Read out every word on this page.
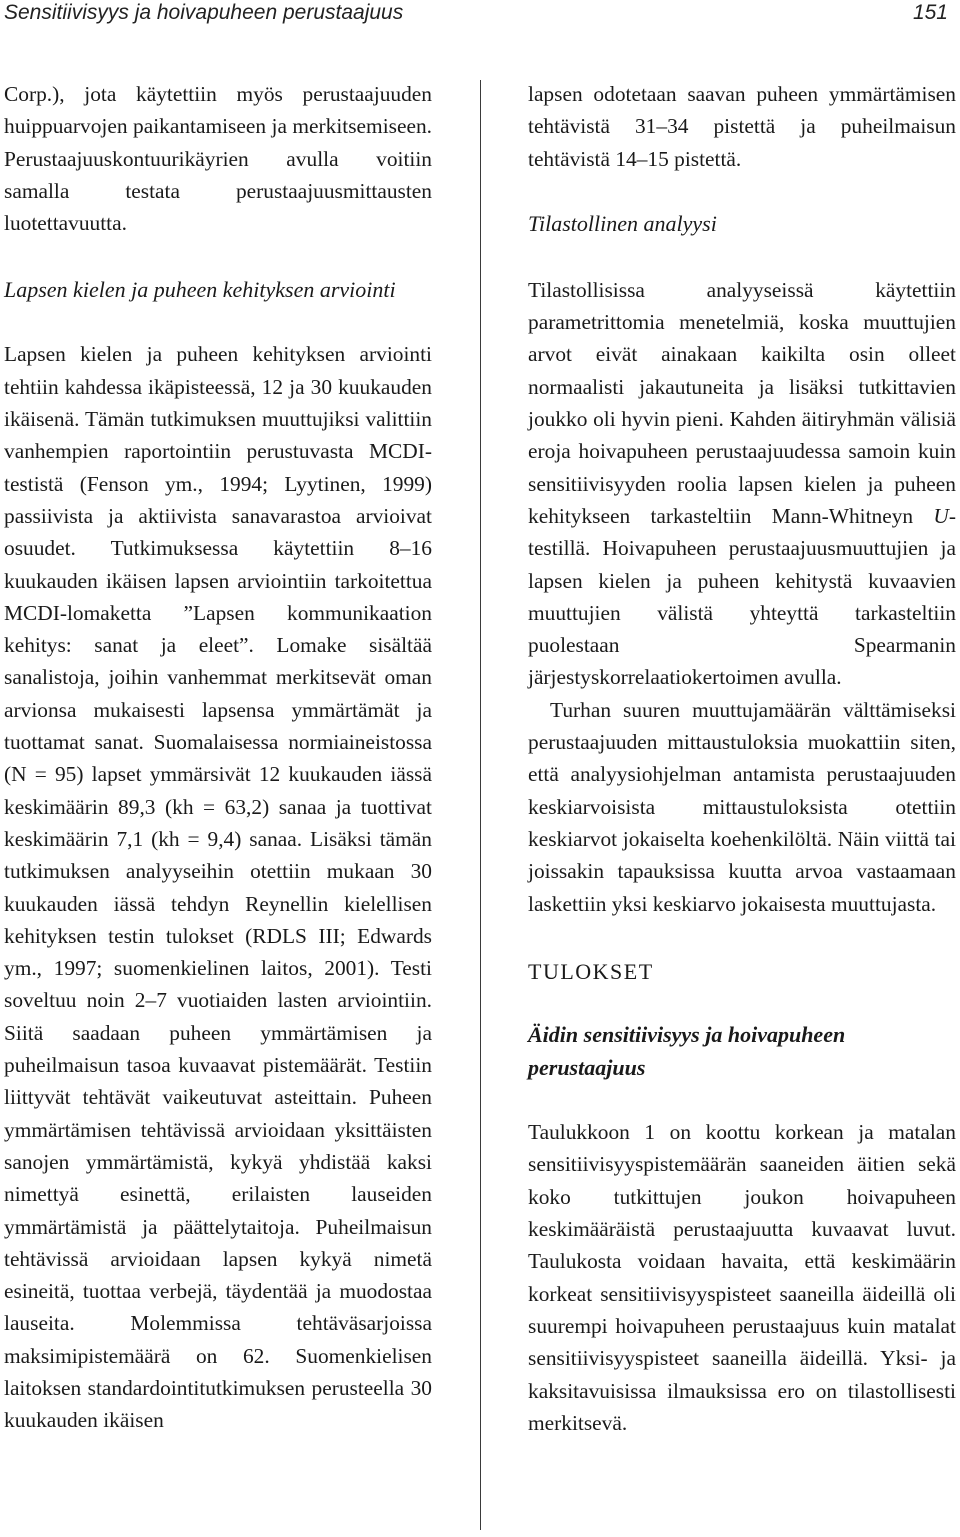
Sensitiivisyys ja hoivapuheen perustaajuus	151

Corp.), jota käytettiin myös perustaajuuden huippuarvojen paikantamiseen ja merkitsemiseen. Perustaajuuskontuurikäyrien avulla voitiin samalla testata perustaajuusmittausten luotettavuutta.

Lapsen kielen ja puheen kehityksen arviointi

Lapsen kielen ja puheen kehityksen arviointi tehtiin kahdessa ikäpisteessä, 12 ja 30 kuukauden ikäisenä. Tämän tutkimuksen muuttujiksi valittiin vanhempien raportointiin perustuvasta MCDI-testistä (Fenson ym., 1994; Lyytinen, 1999) passiivista ja aktiivista sanavarastoa arvioivat osuudet. Tutkimuksessa käytettiin 8–16 kuukauden ikäisen lapsen arviointiin tarkoitettua MCDI-lomaketta ”Lapsen kommunikaation kehitys: sanat ja eleet”. Lomake sisältää sanalistoja, joihin vanhemmat merkitsevät oman arvionsa mukaisesti lapsensa ymmärtämät ja tuottamat sanat. Suomalaisessa normiaineistossa (N = 95) lapset ymmärsivät 12 kuukauden iässä keskimäärin 89,3 (kh = 63,2) sanaa ja tuottivat keskimäärin 7,1 (kh = 9,4) sanaa. Lisäksi tämän tutkimuksen analyyseihin otettiin mukaan 30 kuukauden iässä tehdyn Reynellin kielellisen kehityksen testin tulokset (RDLS III; Edwards ym., 1997; suomenkielinen laitos, 2001). Testi soveltuu noin 2–7 vuotiaiden lasten arviointiin. Siitä saadaan puheen ymmärtämisen ja puheilmaisun tasoa kuvaavat pistemäärät. Testiin liittyvät tehtävät vaikeutuvat asteittain. Puheen ymmärtämisen tehtävissä arvioidaan yksittäisten sanojen ymmärtämistä, kykyä yhdistää kaksi nimettyä esinettä, erilaisten lauseiden ymmärtämistä ja päättelytaitoja. Puheilmaisun tehtävissä arvioidaan lapsen kykyä nimetä esineitä, tuottaa verbejä, täydentää ja muodostaa lauseita. Molemmissa tehtäväsarjoissa maksimipistemäärä on 62. Suomenkielisen laitoksen standardointitutkimuksen perusteella 30 kuukauden ikäisen

lapsen odotetaan saavan puheen ymmärtämisen tehtävistä 31–34 pistettä ja puheilmaisun tehtävistä 14–15 pistettä.

Tilastollinen analyysi

Tilastollisissa analyyseissä käytettiin parametrittomia menetelmiä, koska muuttujien arvot eivät ainakaan kaikilta osin olleet normaalisti jakautuneita ja lisäksi tutkittavien joukko oli hyvin pieni. Kahden äitiryhmän välisiä eroja hoivapuheen perustaajuudessa samoin kuin sensitiivisyyden roolia lapsen kielen ja puheen kehitykseen tarkasteltiin Mann-Whitneyn U-testillä. Hoivapuheen perustaajuusmuuttujien ja lapsen kielen ja puheen kehitystä kuvaavien muuttujien välistä yhteyttä tarkasteltiin puolestaan Spearmanin järjestyskorrelaatiokertoimen avulla.

Turhan suuren muuttujamäärän välttämiseksi perustaajuuden mittaustuloksia muokattiin siten, että analyysiohjelman antamista perustaajuuden keskiarvoisista mittaustuloksista otettiin keskiarvot jokaiselta koehenkilöltä. Näin viittä tai joissakin tapauksissa kuutta arvoa vastaamaan laskettiin yksi keskiarvo jokaisesta muuttujasta.

TULOKSET
Äidin sensitiivisyys ja hoivapuheen perustaajuus

Taulukkoon 1 on koottu korkean ja matalan sensitiivisyyspistemäärän saaneiden äitien sekä koko tutkittujen joukon hoivapuheen keskimääräistä perustaajuutta kuvaavat luvut. Taulukosta voidaan havaita, että keskimäärin korkeat sensitiivisyyspisteet saaneilla äideillä oli suurempi hoivapuheen perustaajuus kuin matalat sensitiivisyyspisteet saaneilla äideillä. Yksi- ja kaksitavuisissa ilmauksissa ero on tilastollisesti merkitsevä.
